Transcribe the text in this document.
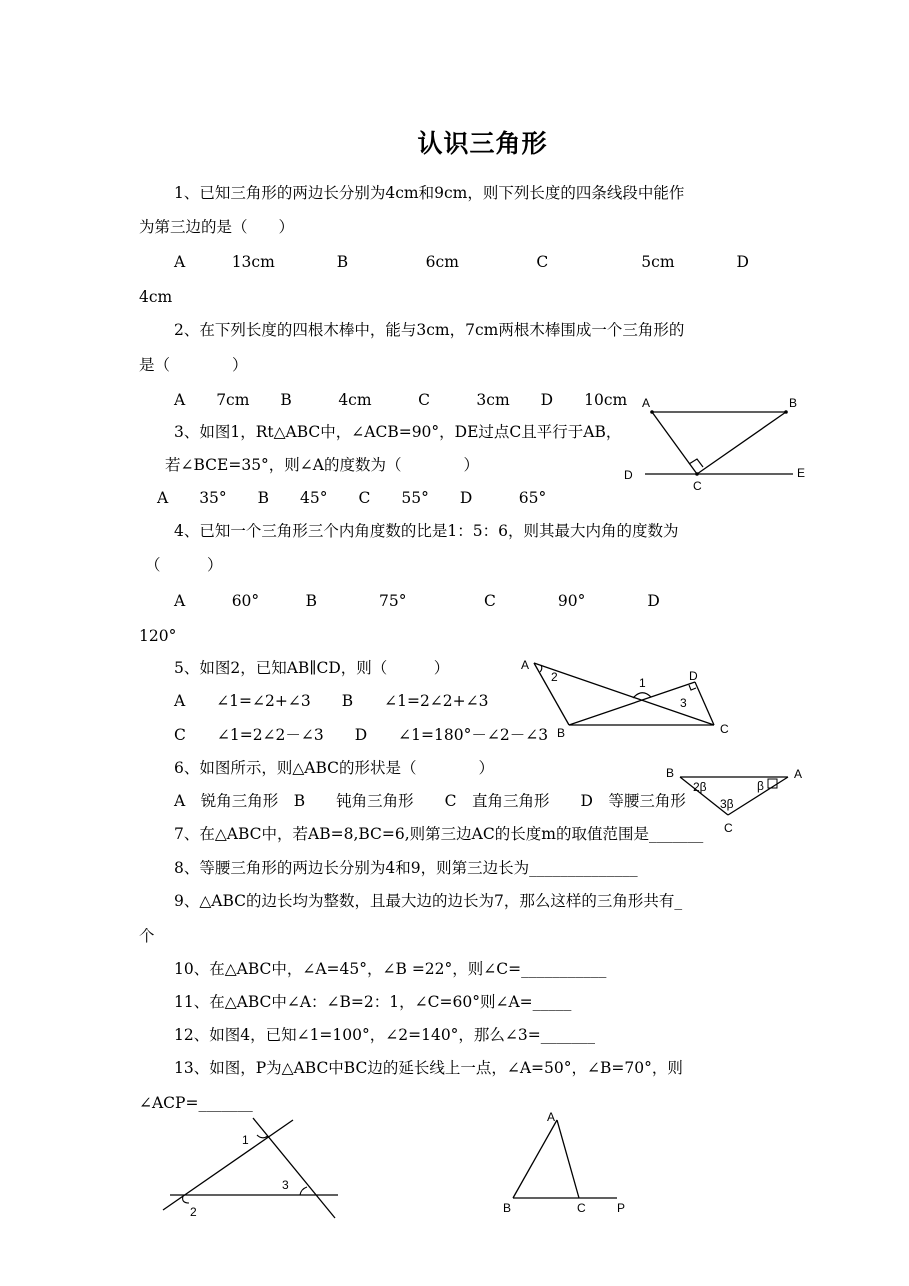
认识三角形
1、已知三角形的两边长分别为4cm和9cm，则下列长度的四条线段中能作
为第三边的是（　　）
A　　　13cm　　　　B　　　　　6cm　　　　　C　　　　　　5cm　　　　D
4cm
2、在下列长度的四根木棒中，能与3cm，7cm两根木棒围成一个三角形的
是（　　　　）
A　　7cm　　B　　　4cm　　　C　　　3cm　　D　　10cm
3、如图1，Rt△ABC中，∠ACB=90°，DE过点C且平行于AB，
若∠BCE=35°，则∠A的度数为（　　　　）
A　　35°　　B　　45°　　C　　55°　　D　　　65°
4、已知一个三角形三个内角度数的比是1：5：6，则其最大内角的度数为
（　　　）
A　　　60°　　　B　　　　75°　　　　　C　　　　90°　　　　D
120°
5、如图2，已知AB∥CD，则（　　　）
A　　∠1=∠2+∠3　　B　　∠1=2∠2+∠3
C　　∠1=2∠2－∠3　　D　　∠1=180°－∠2－∠3
6、如图所示，则△ABC的形状是（　　　　）
A　锐角三角形　B　　钝角三角形　　C　直角三角形　　D　等腰三角形
7、在△ABC中，若AB=8,BC=6,则第三边AC的长度m的取值范围是_______
8、等腰三角形的两边长分别为4和9，则第三边长为______________
9、△ABC的边长均为整数，且最大边的边长为7，那么这样的三角形共有_
个
10、在△ABC中，∠A=45°，∠B =22°，则∠C=___________
11、在△ABC中∠A：∠B=2：1，∠C=60°则∠A=_____
12、如图4，已知∠1=100°，∠2=140°，那么∠3=_______
13、如图，P为△ABC中BC边的延长线上一点，∠A=50°，∠B=70°，则
∠ACP=_______
A	B
C
D	E
A
B	C
D
1
2
3
B	A
C
2β	β
3β
1
2
3
A
B	C	P
